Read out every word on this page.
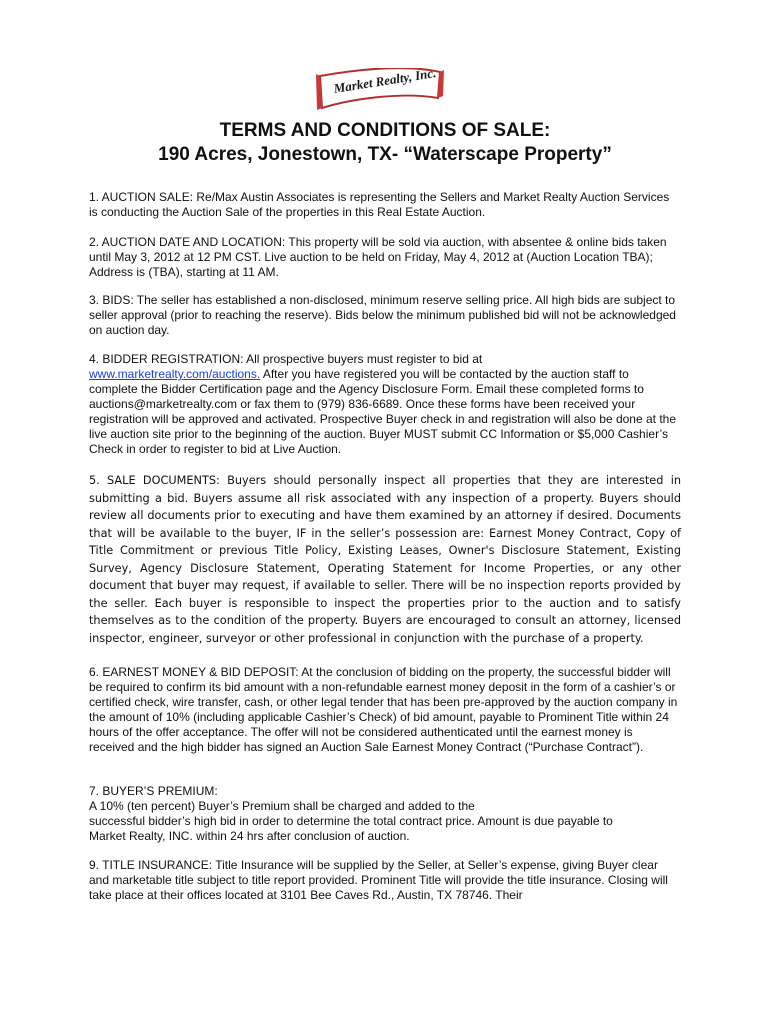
Market Realty, Inc.
TERMS AND CONDITIONS OF SALE:
190 Acres, Jonestown, TX- “Waterscape Property”

1. AUCTION SALE: Re/Max Austin Associates is representing the Sellers and Market Realty Auction Services is conducting the Auction Sale of the properties in this Real Estate Auction.

2. AUCTION DATE AND LOCATION: This property will be sold via auction, with absentee & online bids taken until May 3, 2012 at 12 PM CST. Live auction to be held on Friday, May 4, 2012 at (Auction Location TBA); Address is (TBA), starting at 11 AM.

3. BIDS: The seller has established a non-disclosed, minimum reserve selling price. All high bids are subject to seller approval (prior to reaching the reserve). Bids below the minimum published bid will not be acknowledged on auction day.

4. BIDDER REGISTRATION: All prospective buyers must register to bid at
www.marketrealty.com/auctions. After you have registered you will be contacted by the auction staff to complete the Bidder Certification page and the Agency Disclosure Form. Email these completed forms to auctions@marketrealty.com or fax them to (979) 836-6689. Once these forms have been received your registration will be approved and activated. Prospective Buyer check in and registration will also be done at the live auction site prior to the beginning of the auction. Buyer MUST submit CC Information or $5,000 Cashier’s Check in order to register to bid at Live Auction.

5. SALE DOCUMENTS: Buyers should personally inspect all properties that they are interested in submitting a bid. Buyers assume all risk associated with any inspection of a property. Buyers should review all documents prior to executing and have them examined by an attorney if desired. Documents that will be available to the buyer, IF in the seller’s possession are: Earnest Money Contract, Copy of Title Commitment or previous Title Policy, Existing Leases, Owner's Disclosure Statement, Existing Survey, Agency Disclosure Statement, Operating Statement for Income Properties, or any other document that buyer may request, if available to seller. There will be no inspection reports provided by the seller. Each buyer is responsible to inspect the properties prior to the auction and to satisfy themselves as to the condition of the property. Buyers are encouraged to consult an attorney, licensed inspector, engineer, surveyor or other professional in conjunction with the purchase of a property.

6. EARNEST MONEY & BID DEPOSIT: At the conclusion of bidding on the property, the successful bidder will be required to confirm its bid amount with a non-refundable earnest money deposit in the form of a cashier’s or certified check, wire transfer, cash, or other legal tender that has been pre-approved by the auction company in the amount of 10% (including applicable Cashier’s Check) of bid amount, payable to Prominent Title within 24 hours of the offer acceptance. The offer will not be considered authenticated until the earnest money is received and the high bidder has signed an Auction Sale Earnest Money Contract (“Purchase Contract”).

7. BUYER’S PREMIUM:
A 10% (ten percent) Buyer’s Premium shall be charged and added to the
successful bidder’s high bid in order to determine the total contract price. Amount is due payable to
Market Realty, INC. within 24 hrs after conclusion of auction.

9. TITLE INSURANCE: Title Insurance will be supplied by the Seller, at Seller’s expense, giving Buyer clear and marketable title subject to title report provided. Prominent Title will provide the title insurance. Closing will take place at their offices located at 3101 Bee Caves Rd., Austin, TX 78746. Their
